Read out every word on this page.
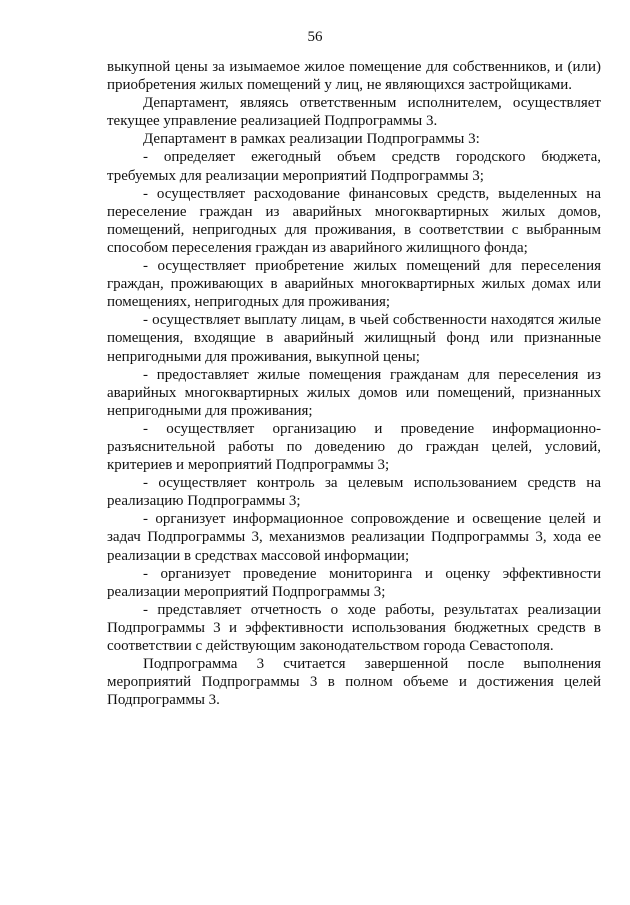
56

выкупной цены за изымаемое жилое помещение для собственников, и (или) приобретения жилых помещений у лиц, не являющихся застройщиками.

Департамент, являясь ответственным исполнителем, осуществляет текущее управление реализацией Подпрограммы 3.

Департамент в рамках реализации Подпрограммы 3:

- определяет ежегодный объем средств городского бюджета, требуемых для реализации мероприятий Подпрограммы 3;

- осуществляет расходование финансовых средств, выделенных на переселение граждан из аварийных многоквартирных жилых домов, помещений, непригодных для проживания, в соответствии с выбранным способом переселения граждан из аварийного жилищного фонда;

- осуществляет приобретение жилых помещений для переселения граждан, проживающих в аварийных многоквартирных жилых домах или помещениях, непригодных для проживания;

- осуществляет выплату лицам, в чьей собственности находятся жилые помещения, входящие в аварийный жилищный фонд или признанные непригодными для проживания, выкупной цены;

- предоставляет жилые помещения гражданам для переселения из аварийных многоквартирных жилых домов или помещений, признанных непригодными для проживания;

- осуществляет организацию и проведение информационно-разъяснительной работы по доведению до граждан целей, условий, критериев и мероприятий Подпрограммы 3;

- осуществляет контроль за целевым использованием средств на реализацию Подпрограммы 3;

- организует информационное сопровождение и освещение целей и задач Подпрограммы 3, механизмов реализации Подпрограммы 3, хода ее реализации в средствах массовой информации;

- организует проведение мониторинга и оценку эффективности реализации мероприятий Подпрограммы 3;

- представляет отчетность о ходе работы, результатах реализации Подпрограммы 3 и эффективности использования бюджетных средств в соответствии с действующим законодательством города Севастополя.

Подпрограмма 3 считается завершенной после выполнения мероприятий Подпрограммы 3 в полном объеме и достижения целей Подпрограммы 3.
